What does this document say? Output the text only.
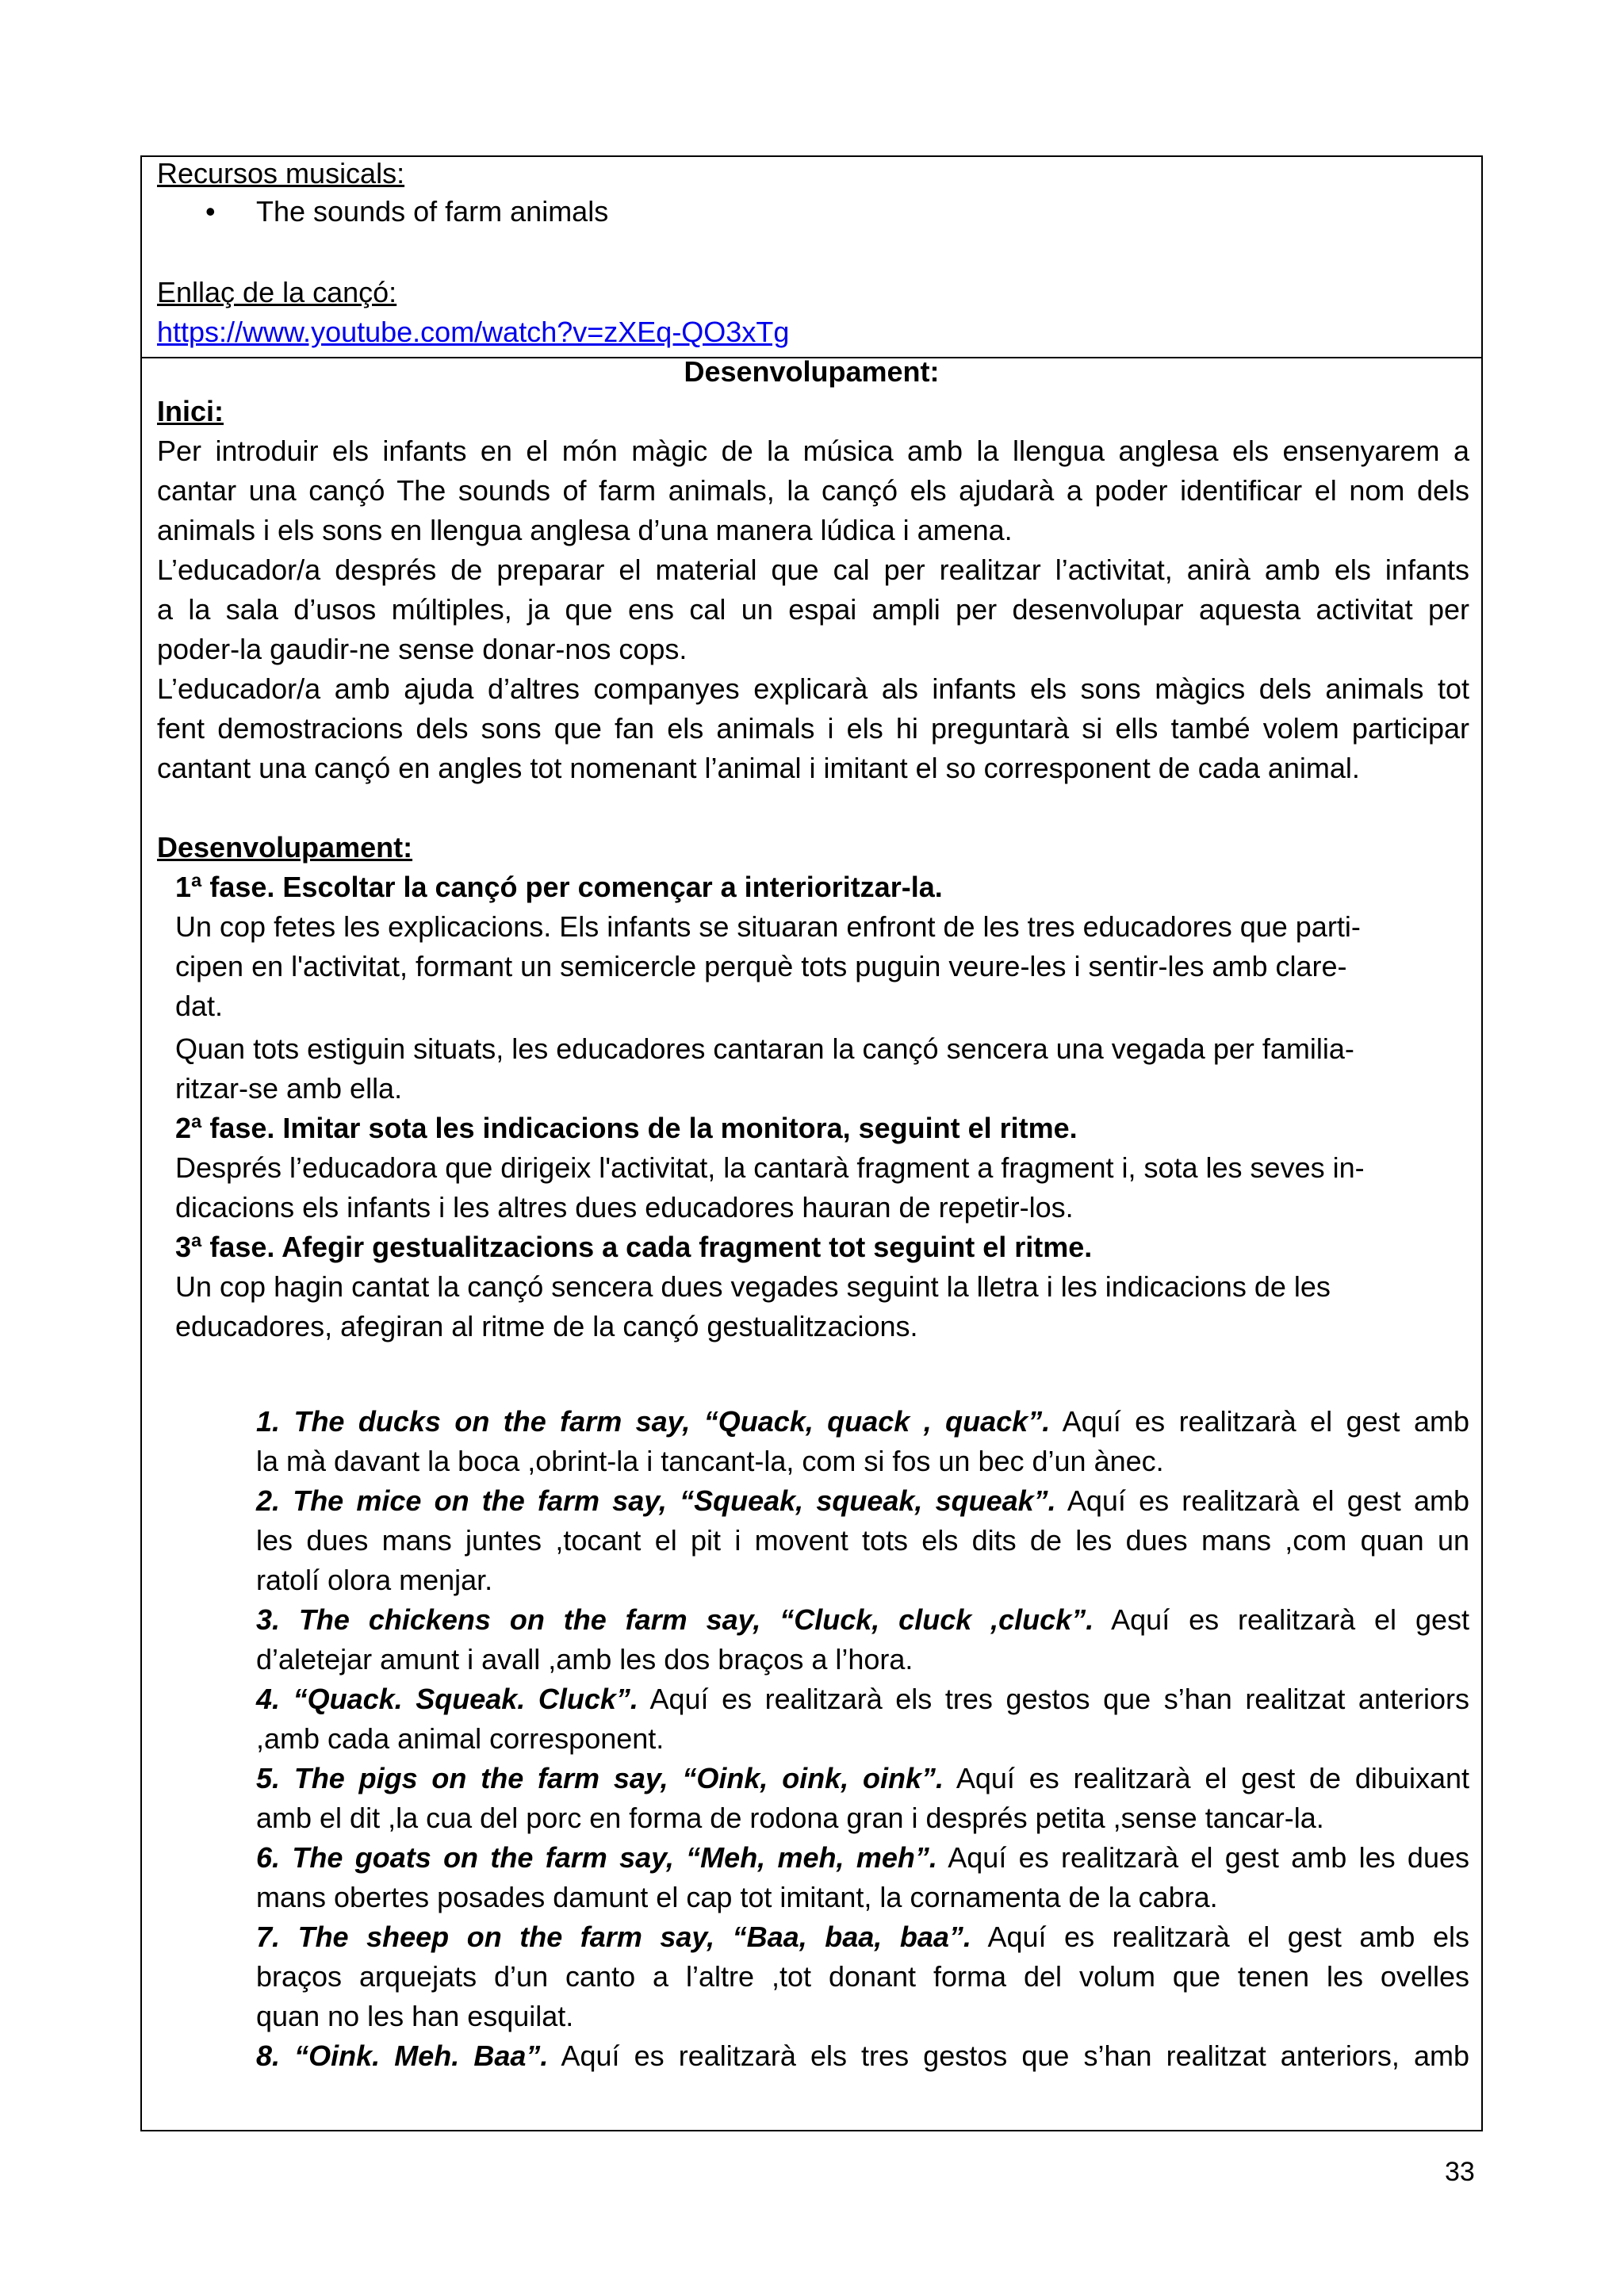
Recursos musicals:
• The sounds of farm animals
Enllaç de la cançó:
https://www.youtube.com/watch?v=zXEq-QO3xTg
Desenvolupament:
Inici:
Per introduir els infants en el món màgic de la música amb la llengua anglesa els ensenyarem a
cantar una cançó The sounds of farm animals, la cançó els ajudarà a poder identificar el nom dels
animals i els sons en llengua anglesa d’una manera lúdica i amena.
L’educador/a després de preparar el material que cal per realitzar l’activitat, anirà amb els infants
a la sala d’usos múltiples, ja que ens cal un espai ampli per desenvolupar aquesta activitat per
poder-la gaudir-ne sense donar-nos cops.
L’educador/a amb ajuda d’altres companyes explicarà als infants els sons màgics dels animals tot
fent demostracions dels sons que fan els animals i els hi preguntarà si ells també volem participar
cantant una cançó en angles tot nomenant l’animal i imitant el so corresponent de cada animal.
Desenvolupament:
1ª fase. Escoltar la cançó per començar a interioritzar-la.
Un cop fetes les explicacions. Els infants se situaran enfront de les tres educadores que parti-
cipen en l'activitat, formant un semicercle perquè tots puguin veure-les i sentir-les amb clare-
dat.
Quan tots estiguin situats, les educadores cantaran la cançó sencera una vegada per familia-
ritzar-se amb ella.
2ª fase. Imitar sota les indicacions de la monitora, seguint el ritme.
Després l’educadora que dirigeix l'activitat, la cantarà fragment a fragment i, sota les seves in-
dicacions els infants i les altres dues educadores hauran de repetir-los.
3ª fase. Afegir gestualitzacions a cada fragment tot seguint el ritme.
Un cop hagin cantat la cançó sencera dues vegades seguint la lletra i les indicacions de les
educadores, afegiran al ritme de la cançó gestualitzacions.
1. The ducks on the farm say, “Quack, quack , quack”. Aquí es realitzarà el gest amb
la mà davant la boca ,obrint-la i tancant-la, com si fos un bec d’un ànec.
2. The mice on the farm say, “Squeak, squeak, squeak”. Aquí es realitzarà el gest amb
les dues mans juntes ,tocant el pit i movent tots els dits de les dues mans ,com quan un
ratolí olora menjar.
3. The chickens on the farm say, “Cluck, cluck ,cluck”. Aquí es realitzarà el gest
d’aletejar amunt i avall ,amb les dos braços a l’hora.
4. “Quack. Squeak. Cluck”. Aquí es realitzarà els tres gestos que s’han realitzat anteriors
,amb cada animal corresponent.
5. The pigs on the farm say, “Oink, oink, oink”. Aquí es realitzarà el gest de dibuixant
amb el dit ,la cua del porc en forma de rodona gran i després petita ,sense tancar-la.
6. The goats on the farm say, “Meh, meh, meh”. Aquí es realitzarà el gest amb les dues
mans obertes posades damunt el cap tot imitant, la cornamenta de la cabra.
7. The sheep on the farm say, “Baa, baa, baa”. Aquí es realitzarà el gest amb els
braços arquejats d’un canto a l’altre ,tot donant forma del volum que tenen les ovelles
quan no les han esquilat.
8. “Oink. Meh. Baa”. Aquí es realitzarà els tres gestos que s’han realitzat anteriors, amb
33
